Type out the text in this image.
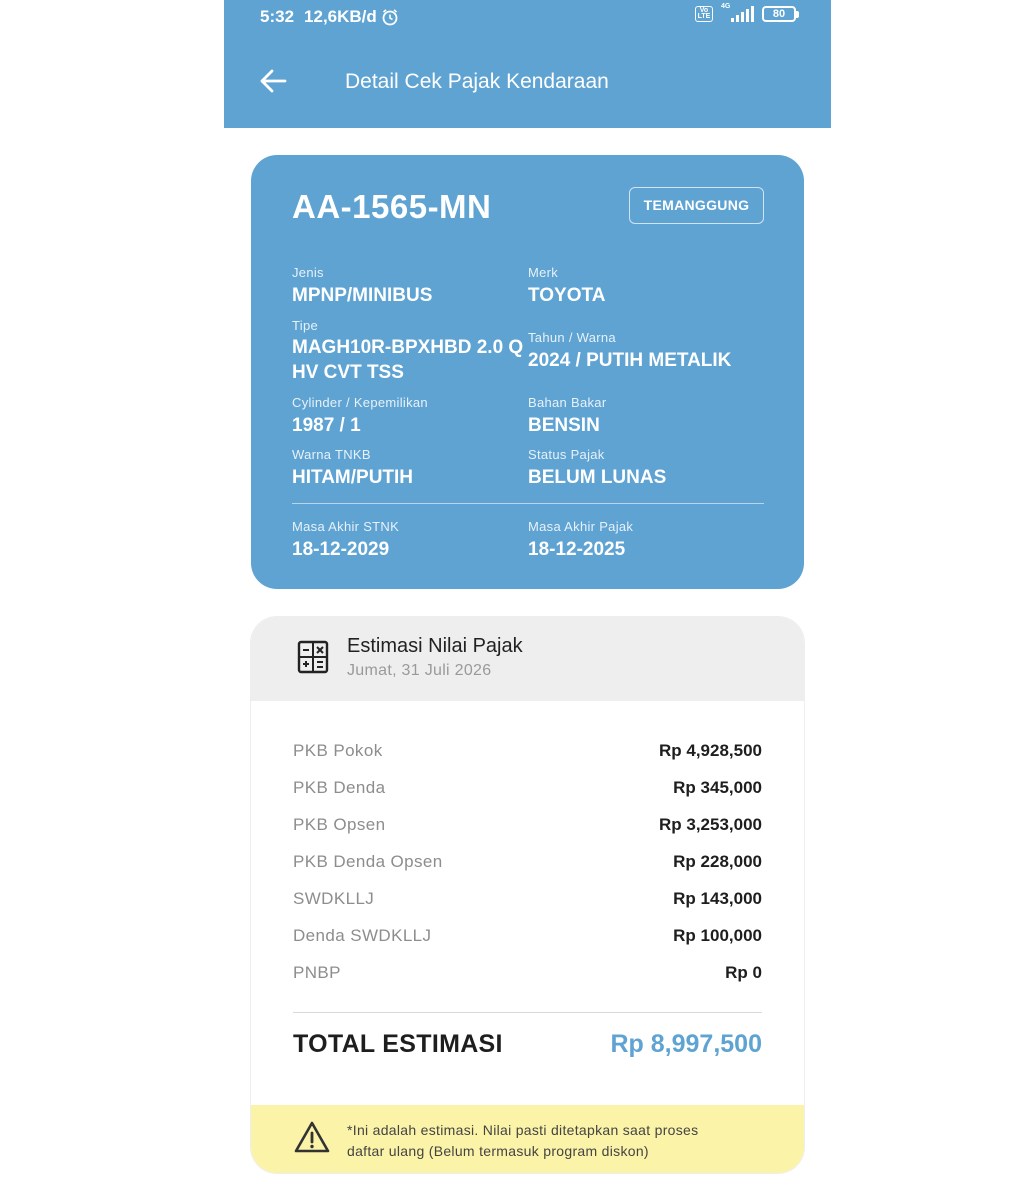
5:32 12,6KB/d	Vo
LTE
4G
80
Detail Cek Pajak Kendaraan
AA-1565-MN	TEMANGGUNG
Jenis
MPNP/MINIBUS
Merk
TOYOTA
Tipe
MAGH10R-BPXHBD 2.0 Q
HV CVT TSS
Tahun / Warna
2024 / PUTIH METALIK
Cylinder / Kepemilikan
1987 / 1
Bahan Bakar
BENSIN
Warna TNKB
HITAM/PUTIH
Status Pajak
BELUM LUNAS
Masa Akhir STNK
18-12-2029
Masa Akhir Pajak
18-12-2025
Estimasi Nilai Pajak
Jumat, 31 Juli 2026
PKB Pokok	Rp 4,928,500
PKB Denda	Rp 345,000
PKB Opsen	Rp 3,253,000
PKB Denda Opsen	Rp 228,000
SWDKLLJ	Rp 143,000
Denda SWDKLLJ	Rp 100,000
PNBP	Rp 0
TOTAL ESTIMASI	Rp 8,997,500
*Ini adalah estimasi. Nilai pasti ditetapkan saat proses
daftar ulang (Belum termasuk program diskon)
